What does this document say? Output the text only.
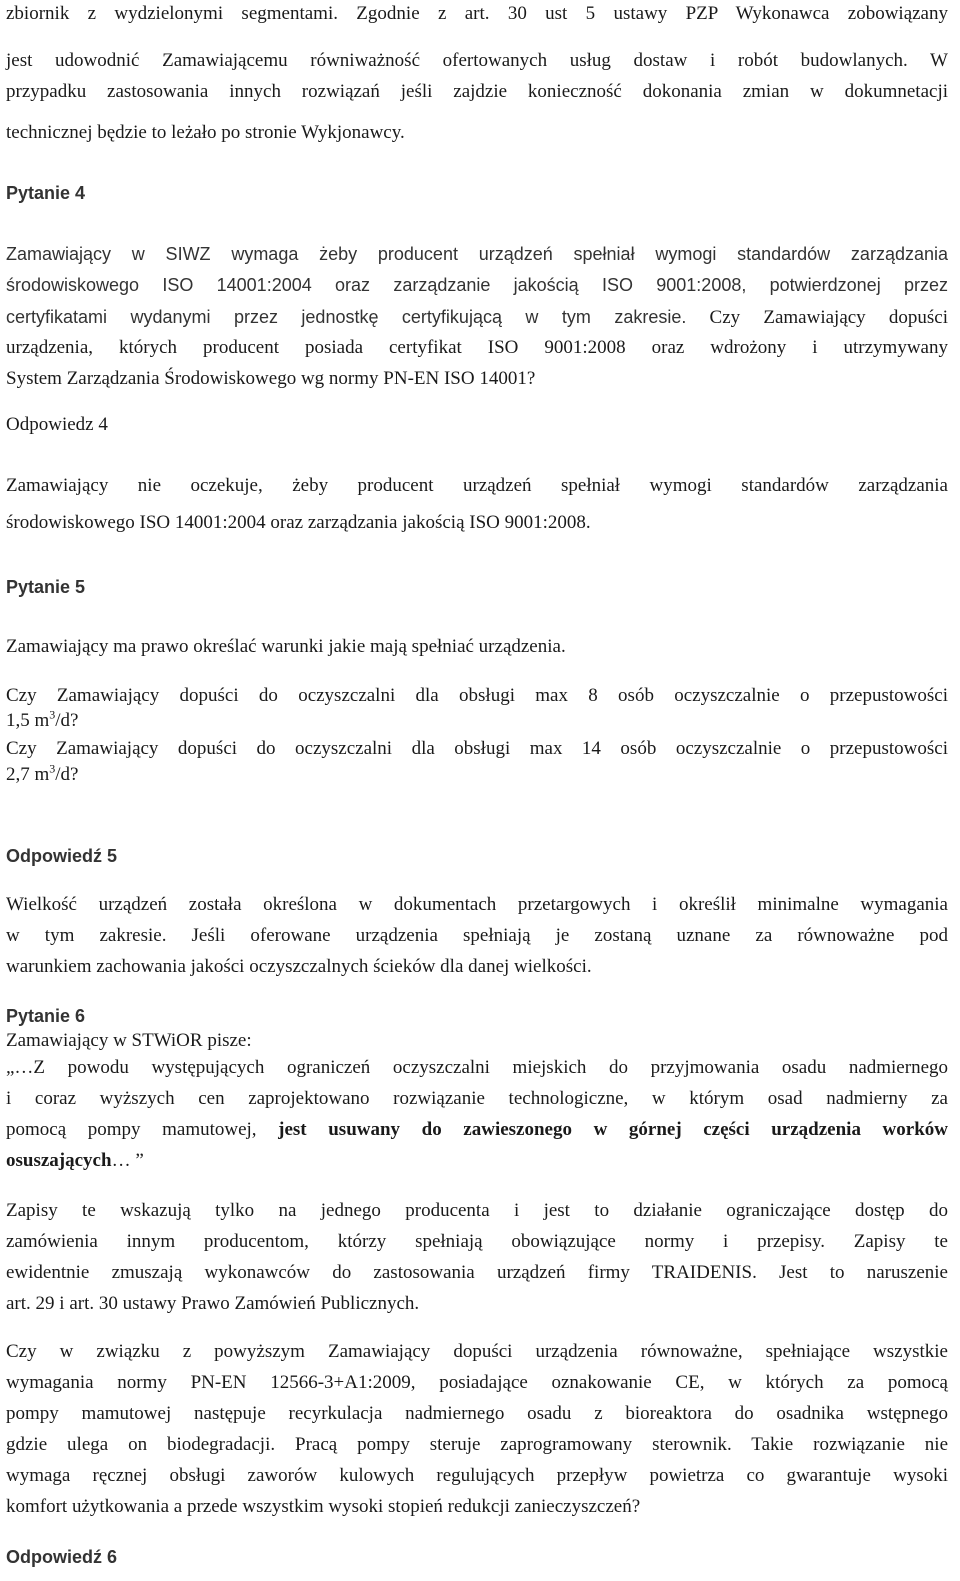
zbiornik z wydzielonymi segmentami. Zgodnie z art. 30 ust 5 ustawy PZP Wykonawca zobowiązany
jest udowodnić Zamawiającemu równiważność ofertowanych usług dostaw i robót budowlanych. W
przypadku zastosowania innych rozwiązań jeśli zajdzie konieczność dokonania zmian w dokumnetacji
technicznej będzie to leżało po stronie Wykjonawcy.
Pytanie 4
Zamawiający w SIWZ wymaga żeby producent urządzeń spełniał wymogi standardów zarządzania
środowiskowego ISO 14001:2004 oraz zarządzanie jakością ISO 9001:2008, potwierdzonej przez
certyfikatami wydanymi przez jednostkę certyfikującą w tym zakresie. Czy Zamawiający dopuści
urządzenia, których producent posiada certyfikat ISO 9001:2008 oraz wdrożony i utrzymywany
System Zarządzania Środowiskowego wg normy PN-EN ISO 14001?
Odpowiedz 4
Zamawiający nie oczekuje, żeby producent urządzeń spełniał wymogi standardów zarządzania
środowiskowego ISO 14001:2004 oraz zarządzania jakością ISO 9001:2008.
Pytanie 5
Zamawiający ma prawo określać warunki jakie mają spełniać urządzenia.
Czy Zamawiający dopuści do oczyszczalni dla obsługi max 8 osób oczyszczalnie o przepustowości
1,5 $m^3/d$?
Czy Zamawiający dopuści do oczyszczalni dla obsługi max 14 osób oczyszczalnie o przepustowości
2,7 $m^3/d$?
Odpowiedź 5
Wielkość urządzeń została określona w dokumentach przetargowych i określił minimalne wymagania
w tym zakresie. Jeśli oferowane urządzenia spełniają je zostaną uznane za równoważne pod
warunkiem zachowania jakości oczyszczalnych ścieków dla danej wielkości.
Pytanie 6
Zamawiający w STWiOR pisze:
„…Z powodu występujących ograniczeń oczyszczalni miejskich do przyjmowania osadu nadmiernego
i coraz wyższych cen zaprojektowano rozwiązanie technologiczne, w którym osad nadmierny za
pomocą pompy mamutowej, jest usuwany do zawieszonego w górnej części urządzenia worków
osuszających… ”
Zapisy te wskazują tylko na jednego producenta i jest to działanie ograniczające dostęp do
zamówienia innym producentom, którzy spełniają obowiązujące normy i przepisy. Zapisy te
ewidentnie zmuszają wykonawców do zastosowania urządzeń firmy TRAIDENIS. Jest to naruszenie
art. 29 i art. 30 ustawy Prawo Zamówień Publicznych.
Czy w związku z powyższym Zamawiający dopuści urządzenia równoważne, spełniające wszystkie
wymagania normy PN-EN 12566-3+A1:2009, posiadające oznakowanie CE, w których za pomocą
pompy mamutowej następuje recyrkulacja nadmiernego osadu z bioreaktora do osadnika wstępnego
gdzie ulega on biodegradacji. Pracą pompy steruje zaprogramowany sterownik. Takie rozwiązanie nie
wymaga ręcznej obsługi zaworów kulowych regulujących przepływ powietrza co gwarantuje wysoki
komfort użytkowania a przede wszystkim wysoki stopień redukcji zanieczyszczeń?
Odpowiedź 6
